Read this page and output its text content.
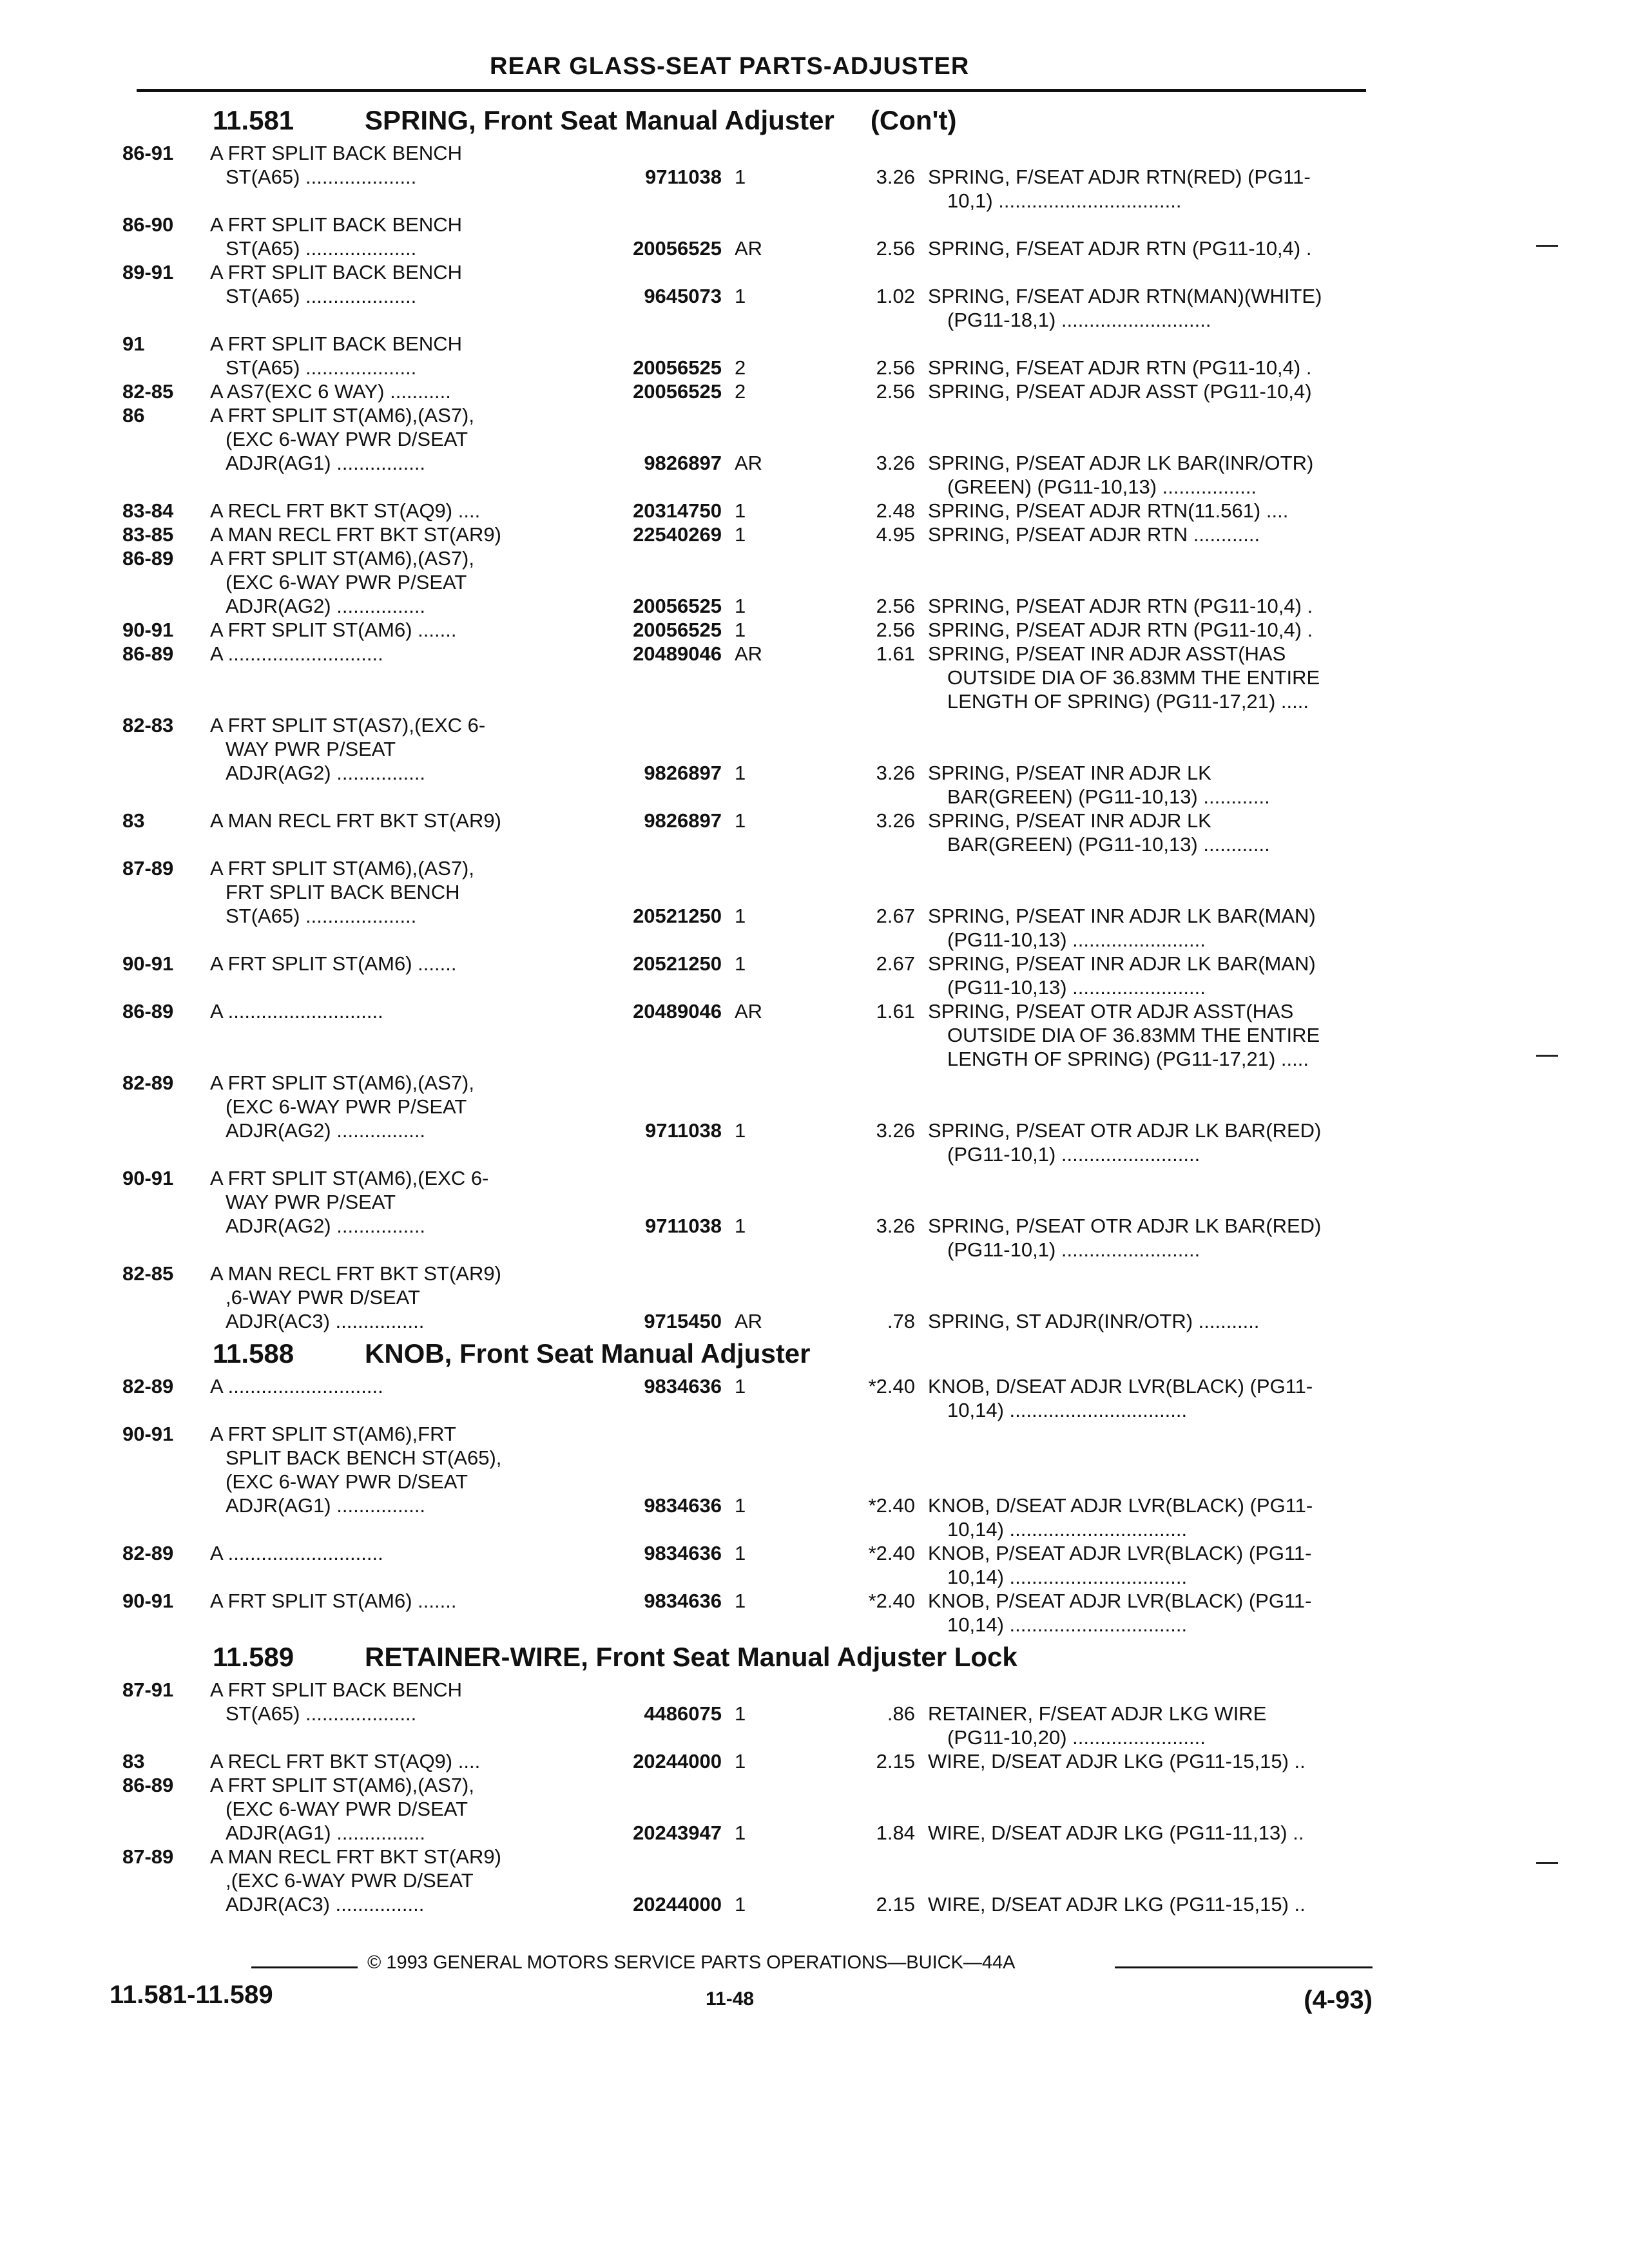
REAR GLASS-SEAT PARTS-ADJUSTER
11.581	SPRING, Front Seat Manual Adjuster (Con't)
86-91 A FRT SPLIT BACK BENCH
ST(A65) ....................	9711038 1	3.26 SPRING, F/SEAT ADJR RTN(RED) (PG11-
10,1) .................................
86-90 A FRT SPLIT BACK BENCH
ST(A65) ....................	20056525 AR	2.56 SPRING, F/SEAT ADJR RTN (PG11-10,4) .
89-91 A FRT SPLIT BACK BENCH
ST(A65) ....................	9645073 1	1.02 SPRING, F/SEAT ADJR RTN(MAN)(WHITE)
(PG11-18,1) ...........................
91	A FRT SPLIT BACK BENCH
ST(A65) ....................	20056525 2	2.56 SPRING, F/SEAT ADJR RTN (PG11-10,4) .
82-85 A AS7(EXC 6 WAY) ...........	20056525 2	2.56 SPRING, P/SEAT ADJR ASST (PG11-10,4)
86	A FRT SPLIT ST(AM6),(AS7),
(EXC 6-WAY PWR D/SEAT
ADJR(AG1) ................	9826897 AR	3.26 SPRING, P/SEAT ADJR LK BAR(INR/OTR)
(GREEN) (PG11-10,13) .................
83-84 A RECL FRT BKT ST(AQ9) ....	20314750 1	2.48 SPRING, P/SEAT ADJR RTN(11.561) ....
83-85 A MAN RECL FRT BKT ST(AR9)	22540269 1	4.95 SPRING, P/SEAT ADJR RTN ............
86-89 A FRT SPLIT ST(AM6),(AS7),
(EXC 6-WAY PWR P/SEAT
ADJR(AG2) ................	20056525 1	2.56 SPRING, P/SEAT ADJR RTN (PG11-10,4) .
90-91 A FRT SPLIT ST(AM6) .......	20056525 1	2.56 SPRING, P/SEAT ADJR RTN (PG11-10,4) .
86-89 A ............................	20489046 AR	1.61 SPRING, P/SEAT INR ADJR ASST(HAS
OUTSIDE DIA OF 36.83MM THE ENTIRE
LENGTH OF SPRING) (PG11-17,21) .....
82-83 A FRT SPLIT ST(AS7),(EXC 6-
WAY PWR P/SEAT
ADJR(AG2) ................	9826897 1	3.26 SPRING, P/SEAT INR ADJR LK
BAR(GREEN) (PG11-10,13) ............
83	A MAN RECL FRT BKT ST(AR9)	9826897 1	3.26 SPRING, P/SEAT INR ADJR LK
BAR(GREEN) (PG11-10,13) ............
87-89 A FRT SPLIT ST(AM6),(AS7),
FRT SPLIT BACK BENCH
ST(A65) ....................	20521250 1	2.67 SPRING, P/SEAT INR ADJR LK BAR(MAN)
(PG11-10,13) ........................
90-91 A FRT SPLIT ST(AM6) .......	20521250 1	2.67 SPRING, P/SEAT INR ADJR LK BAR(MAN)
(PG11-10,13) ........................
86-89 A ............................	20489046 AR	1.61 SPRING, P/SEAT OTR ADJR ASST(HAS
OUTSIDE DIA OF 36.83MM THE ENTIRE
LENGTH OF SPRING) (PG11-17,21) .....
82-89 A FRT SPLIT ST(AM6),(AS7),
(EXC 6-WAY PWR P/SEAT
ADJR(AG2) ................	9711038 1	3.26 SPRING, P/SEAT OTR ADJR LK BAR(RED)
(PG11-10,1) .........................
90-91 A FRT SPLIT ST(AM6),(EXC 6-
WAY PWR P/SEAT
ADJR(AG2) ................	9711038 1	3.26 SPRING, P/SEAT OTR ADJR LK BAR(RED)
(PG11-10,1) .........................
82-85 A MAN RECL FRT BKT ST(AR9)
,6-WAY PWR D/SEAT
ADJR(AC3) ................	9715450 AR	.78 SPRING, ST ADJR(INR/OTR) ...........
11.588	KNOB, Front Seat Manual Adjuster
82-89 A ............................	9834636 1	*2.40 KNOB, D/SEAT ADJR LVR(BLACK) (PG11-
10,14) ................................
90-91 A FRT SPLIT ST(AM6),FRT
SPLIT BACK BENCH ST(A65),
(EXC 6-WAY PWR D/SEAT
ADJR(AG1) ................	9834636 1	*2.40 KNOB, D/SEAT ADJR LVR(BLACK) (PG11-
10,14) ................................
82-89 A ............................	9834636 1	*2.40 KNOB, P/SEAT ADJR LVR(BLACK) (PG11-
10,14) ................................
90-91 A FRT SPLIT ST(AM6) .......	9834636 1	*2.40 KNOB, P/SEAT ADJR LVR(BLACK) (PG11-
10,14) ................................
11.589	RETAINER-WIRE, Front Seat Manual Adjuster Lock
87-91 A FRT SPLIT BACK BENCH
ST(A65) ....................	4486075 1	.86 RETAINER, F/SEAT ADJR LKG WIRE
(PG11-10,20) ........................
83	A RECL FRT BKT ST(AQ9) ....	20244000 1	2.15 WIRE, D/SEAT ADJR LKG (PG11-15,15) ..
86-89 A FRT SPLIT ST(AM6),(AS7),
(EXC 6-WAY PWR D/SEAT
ADJR(AG1) ................	20243947 1	1.84 WIRE, D/SEAT ADJR LKG (PG11-11,13) ..
87-89 A MAN RECL FRT BKT ST(AR9)
,(EXC 6-WAY PWR D/SEAT
ADJR(AC3) ................	20244000 1	2.15 WIRE, D/SEAT ADJR LKG (PG11-15,15) ..
© 1993 GENERAL MOTORS SERVICE PARTS OPERATIONS—BUICK—44A
11.581-11.589	11-48	(4-93)
